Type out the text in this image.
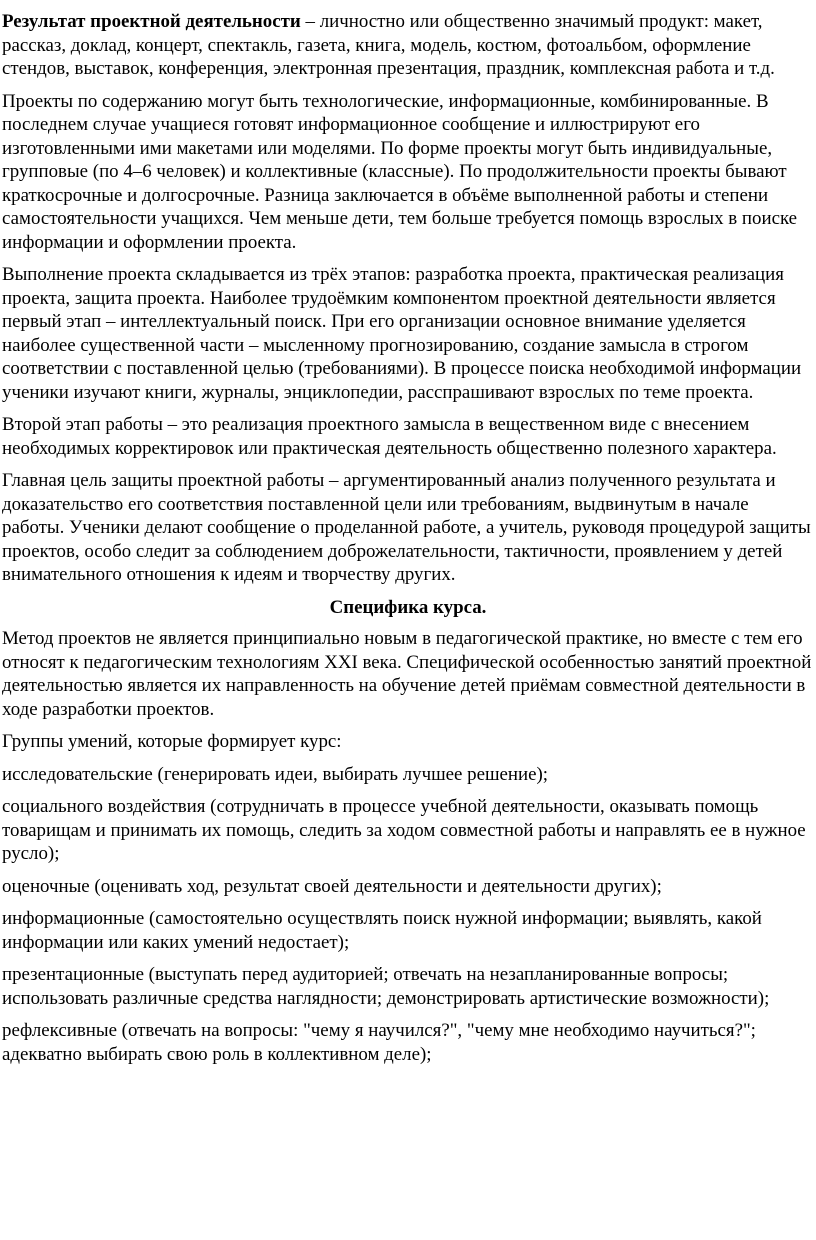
Результат проектной деятельности – личностно или общественно значимый продукт: макет, рассказ, доклад, концерт, спектакль, газета, книга, модель, костюм, фотоальбом, оформление стендов, выставок, конференция, электронная презентация, праздник, комплексная работа и т.д.

Проекты по содержанию могут быть технологические, информационные, комбинированные. В последнем случае учащиеся готовят информационное сообщение и иллюстрируют его изготовленными ими макетами или моделями. По форме проекты могут быть индивидуальные, групповые (по 4–6 человек) и коллективные (классные). По продолжительности проекты бывают краткосрочные и долгосрочные. Разница заключается в объёме выполненной работы и степени самостоятельности учащихся. Чем меньше дети, тем больше требуется помощь взрослых в поиске информации и оформлении проекта.

Выполнение проекта складывается из трёх этапов: разработка проекта, практическая реализация проекта, защита проекта. Наиболее трудоёмким компонентом проектной деятельности является первый этап – интеллектуальный поиск. При его организации основное внимание уделяется наиболее существенной части – мысленному прогнозированию, создание замысла в строгом соответствии с поставленной целью (требованиями). В процессе поиска необходимой информации ученики изучают книги, журналы, энциклопедии, расспрашивают взрослых по теме проекта.

Второй этап работы – это реализация проектного замысла в вещественном виде с внесением необходимых корректировок или практическая деятельность общественно полезного характера.

Главная цель защиты проектной работы – аргументированный анализ полученного результата и доказательство его соответствия поставленной цели или требованиям, выдвинутым в начале работы. Ученики делают сообщение о проделанной работе, а учитель, руководя процедурой защиты проектов, особо следит за соблюдением доброжелательности, тактичности, проявлением у детей внимательного отношения к идеям и творчеству других.

Специфика курса.

Метод проектов не является принципиально новым в педагогической практике, но вместе с тем его относят к педагогическим технологиям XXI века. Специфической особенностью занятий проектной деятельностью является их направленность на обучение детей приёмам совместной деятельности в ходе разработки проектов.

Группы умений, которые формирует курс:

исследовательские (генерировать идеи, выбирать лучшее решение);

социального воздействия (сотрудничать в процессе учебной деятельности, оказывать помощь товарищам и принимать их помощь, следить за ходом совместной работы и направлять ее в нужное русло);

оценочные (оценивать ход, результат своей деятельности и деятельности других);

информационные (самостоятельно осуществлять поиск нужной информации; выявлять, какой информации или каких умений недостает);

презентационные (выступать перед аудиторией; отвечать на незапланированные вопросы; использовать различные средства наглядности; демонстрировать артистические возможности);

рефлексивные (отвечать на вопросы: "чему я научился?", "чему мне необходимо научиться?"; адекватно выбирать свою роль в коллективном деле);
